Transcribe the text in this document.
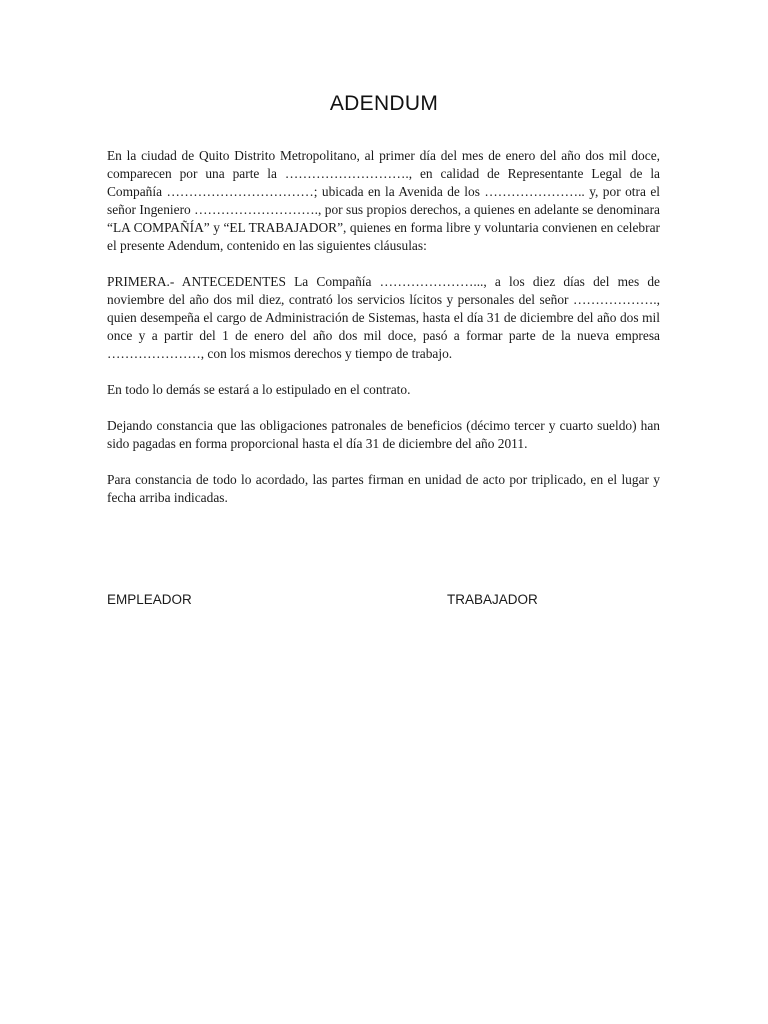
ADENDUM

En la ciudad de Quito Distrito Metropolitano, al primer día del mes de enero del año dos mil doce, comparecen por una parte la ………………………., en calidad de Representante Legal de la Compañía ……………………………; ubicada en la Avenida de los ………………….. y, por otra el señor Ingeniero ………………………., por sus propios derechos, a quienes en adelante se denominara “LA COMPAÑÍA” y “EL TRABAJADOR”, quienes en forma libre y voluntaria convienen en celebrar el presente Adendum, contenido en las siguientes cláusulas:

PRIMERA.- ANTECEDENTES La Compañía …………………..., a los diez días del mes de noviembre del año dos mil diez, contrató los servicios lícitos y personales del señor ………………., quien desempeña el cargo de Administración de Sistemas, hasta el día 31 de diciembre del año dos mil once y a partir del 1 de enero del año dos mil doce, pasó a formar parte de la nueva empresa …………………, con los mismos derechos y tiempo de trabajo.

En todo lo demás se estará a lo estipulado en el contrato.

Dejando constancia que las obligaciones patronales de beneficios (décimo tercer y cuarto sueldo) han sido pagadas en forma proporcional hasta el día 31 de diciembre del año 2011.

Para constancia de todo lo acordado, las partes firman en unidad de acto por triplicado, en el lugar y fecha arriba indicadas.

EMPLEADOR	TRABAJADOR
